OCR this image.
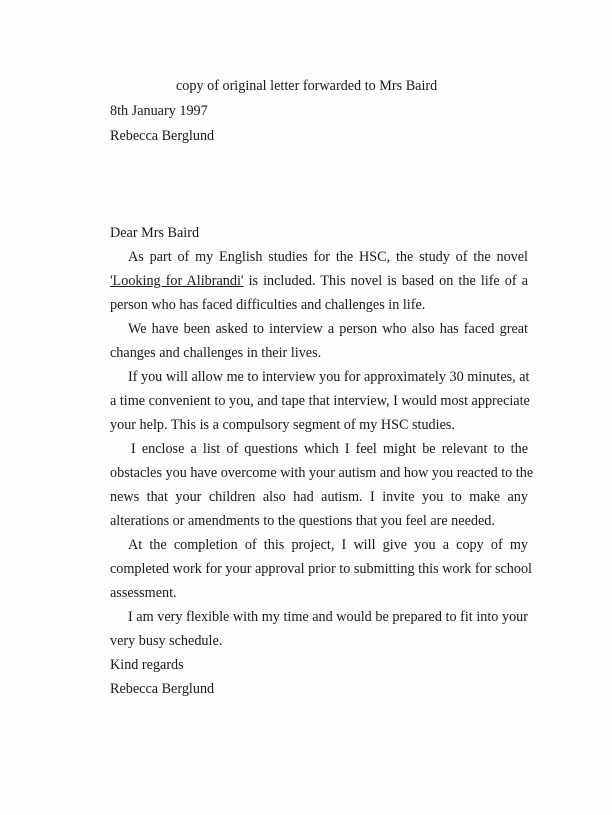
copy of original letter forwarded to Mrs Baird
8th January 1997
Rebecca Berglund
Dear Mrs Baird
As part of my English studies for the HSC, the study of the novel
'Looking for Alibrandi' is included. This novel is based on the life of a
person who has faced difficulties and challenges in life.
We have been asked to interview a person who also has faced great
changes and challenges in their lives.
If you will allow me to interview you for approximately 30 minutes, at
a time convenient to you, and tape that interview, I would most appreciate
your help. This is a compulsory segment of my HSC studies.
I enclose a list of questions which I feel might be relevant to the
obstacles you have overcome with your autism and how you reacted to the
news that your children also had autism. I invite you to make any
alterations or amendments to the questions that you feel are needed.
At the completion of this project, I will give you a copy of my
completed work for your approval prior to submitting this work for school
assessment.
I am very flexible with my time and would be prepared to fit into your
very busy schedule.
Kind regards
Rebecca Berglund
